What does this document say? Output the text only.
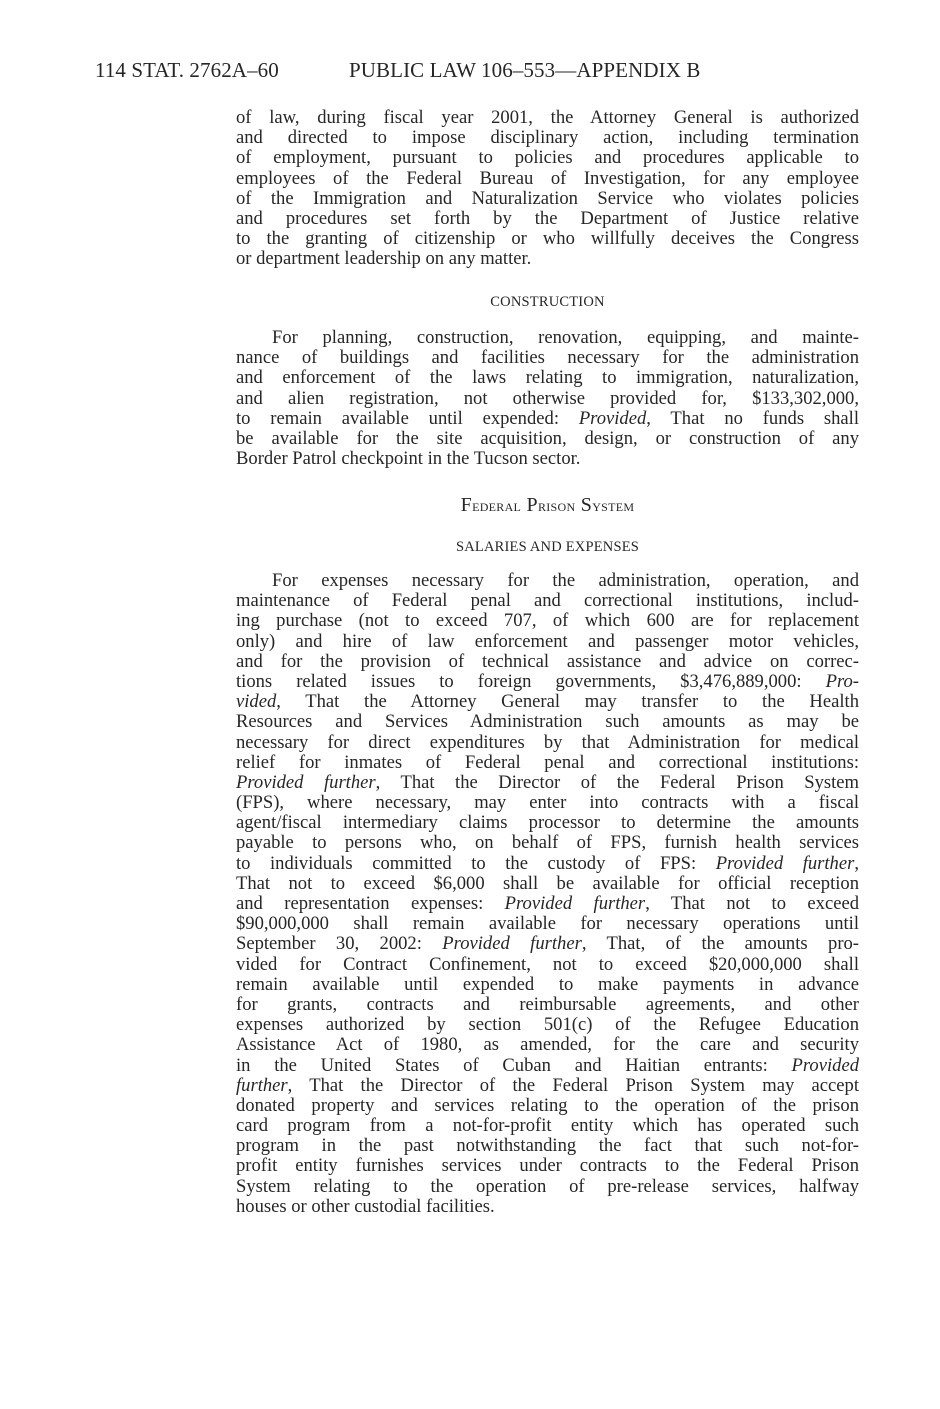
114 STAT. 2762A–60	PUBLIC LAW 106–553—APPENDIX B
of law, during fiscal year 2001, the Attorney General is authorized
and directed to impose disciplinary action, including termination
of employment, pursuant to policies and procedures applicable to
employees of the Federal Bureau of Investigation, for any employee
of the Immigration and Naturalization Service who violates policies
and procedures set forth by the Department of Justice relative
to the granting of citizenship or who willfully deceives the Congress
or department leadership on any matter.
CONSTRUCTION
For planning, construction, renovation, equipping, and mainte-
nance of buildings and facilities necessary for the administration
and enforcement of the laws relating to immigration, naturalization,
and alien registration, not otherwise provided for, $133,302,000,
to remain available until expended: Provided, That no funds shall
be available for the site acquisition, design, or construction of any
Border Patrol checkpoint in the Tucson sector.
Federal Prison System
SALARIES AND EXPENSES
For expenses necessary for the administration, operation, and
maintenance of Federal penal and correctional institutions, includ-
ing purchase (not to exceed 707, of which 600 are for replacement
only) and hire of law enforcement and passenger motor vehicles,
and for the provision of technical assistance and advice on correc-
tions related issues to foreign governments, $3,476,889,000: Pro-
vided, That the Attorney General may transfer to the Health
Resources and Services Administration such amounts as may be
necessary for direct expenditures by that Administration for medical
relief for inmates of Federal penal and correctional institutions:
Provided further, That the Director of the Federal Prison System
(FPS), where necessary, may enter into contracts with a fiscal
agent/fiscal intermediary claims processor to determine the amounts
payable to persons who, on behalf of FPS, furnish health services
to individuals committed to the custody of FPS: Provided further,
That not to exceed $6,000 shall be available for official reception
and representation expenses: Provided further, That not to exceed
$90,000,000 shall remain available for necessary operations until
September 30, 2002: Provided further, That, of the amounts pro-
vided for Contract Confinement, not to exceed $20,000,000 shall
remain available until expended to make payments in advance
for grants, contracts and reimbursable agreements, and other
expenses authorized by section 501(c) of the Refugee Education
Assistance Act of 1980, as amended, for the care and security
in the United States of Cuban and Haitian entrants: Provided
further, That the Director of the Federal Prison System may accept
donated property and services relating to the operation of the prison
card program from a not-for-profit entity which has operated such
program in the past notwithstanding the fact that such not-for-
profit entity furnishes services under contracts to the Federal Prison
System relating to the operation of pre-release services, halfway
houses or other custodial facilities.
